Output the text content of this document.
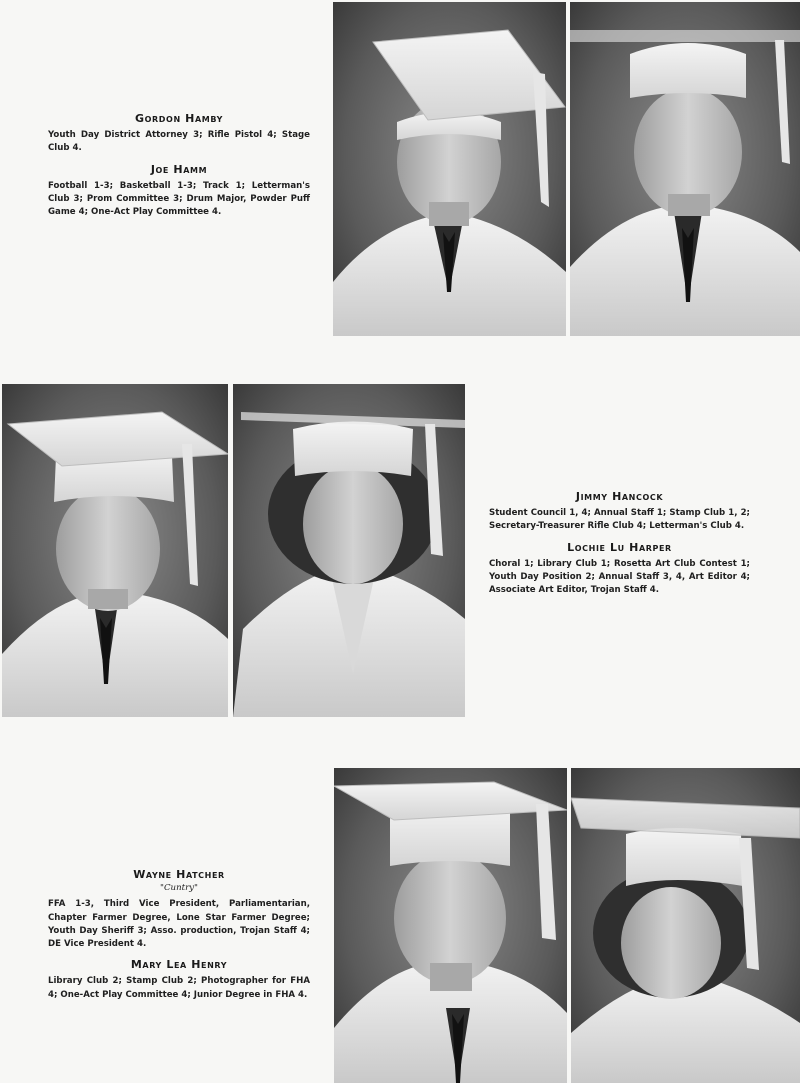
Gordon Hamby

Youth Day District Attorney 3; Rifle Pistol 4; Stage Club 4.

Joe Hamm

Football 1-3; Basketball 1-3; Track 1; Letterman's Club 3; Prom Committee 3; Drum Major, Powder Puff Game 4; One-Act Play Committee 4.

Jimmy Hancock

Student Council 1, 4; Annual Staff 1; Stamp Club 1, 2; Secretary-Treasurer Rifle Club 4; Letterman's Club 4.

Lochie Lu Harper

Choral 1; Library Club 1; Rosetta Art Club Contest 1; Youth Day Position 2; Annual Staff 3, 4, Art Editor 4; Associate Art Editor, Trojan Staff 4.

Wayne Hatcher
"Cuntry"

FFA 1-3, Third Vice President, Parliamentarian, Chapter Farmer Degree, Lone Star Farmer Degree; Youth Day Sheriff 3; Asso. production, Trojan Staff 4; DE Vice President 4.

Mary Lea Henry

Library Club 2; Stamp Club 2; Photographer for FHA 4; One-Act Play Committee 4; Junior Degree in FHA 4.
